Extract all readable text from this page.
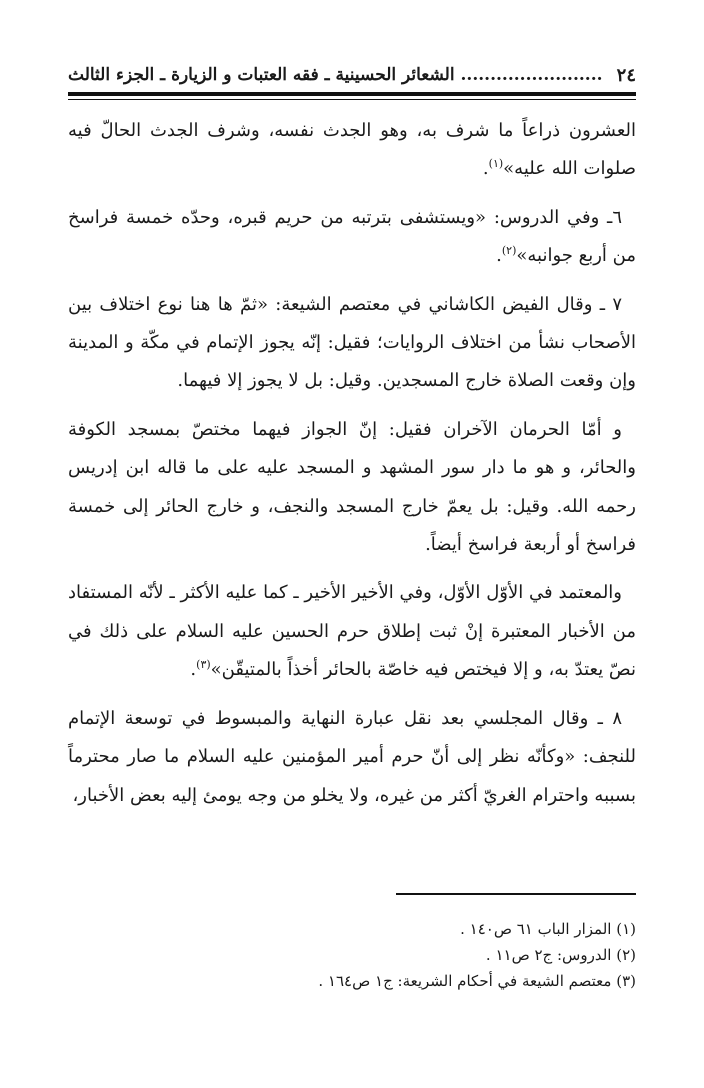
٢٤
........................ الشعائر الحسينية ـ فقه العتبات و الزيارة ـ الجزء الثالث

العشرون ذراعاً ما شرف به، وهو الجدث نفسه، وشرف الجدث الحالّ فيه صلوات الله عليه»$^{(١)}$.

٦ـ وفي الدروس: «ويستشفى بترتبه من حريم قبره، وحدّه خمسة فراسخ من أربع جوانبه»$^{(٢)}$.

٧ ـ وقال الفيض الكاشاني في معتصم الشيعة: «ثمّ ها هنا نوع اختلاف بين الأصحاب نشأ من اختلاف الروايات؛ فقيل: إنّه يجوز الإتمام في مكّة و المدينة وإن وقعت الصلاة خارج المسجدين. وقيل: بل لا يجوز إلا فيهما.

و أمّا الحرمان الآخران فقيل: إنّ الجواز فيهما مختصّ بمسجد الكوفة والحائر، و هو ما دار سور المشهد و المسجد عليه على ما قاله ابن إدريس رحمه الله. وقيل: بل يعمّ خارج المسجد والنجف، و خارج الحائر إلى خمسة فراسخ أو أربعة فراسخ أيضاً.

والمعتمد في الأوّل الأوّل، وفي الأخير الأخير ـ كما عليه الأكثر ـ لأنّه المستفاد من الأخبار المعتبرة إنْ ثبت إطلاق حرم الحسين عليه السلام على ذلك في نصّ يعتدّ به، و إلا فيختص فيه خاصّة بالحائر أخذاً بالمتيقّن»$^{(٣)}$.

٨ ـ وقال المجلسي بعد نقل عبارة النهاية والمبسوط في توسعة الإتمام للنجف: «وكأنّه نظر إلى أنّ حرم أمير المؤمنين عليه السلام ما صار محترماً بسببه واحترام الغريّ أكثر من غيره، ولا يخلو من وجه يومئ إليه بعض الأخبار،

(١) المزار الباب ٦١ ص١٤٠ .

(٢) الدروس: ج٢ ص١١ .

(٣) معتصم الشيعة في أحكام الشريعة: ج١ ص١٦٤ .
